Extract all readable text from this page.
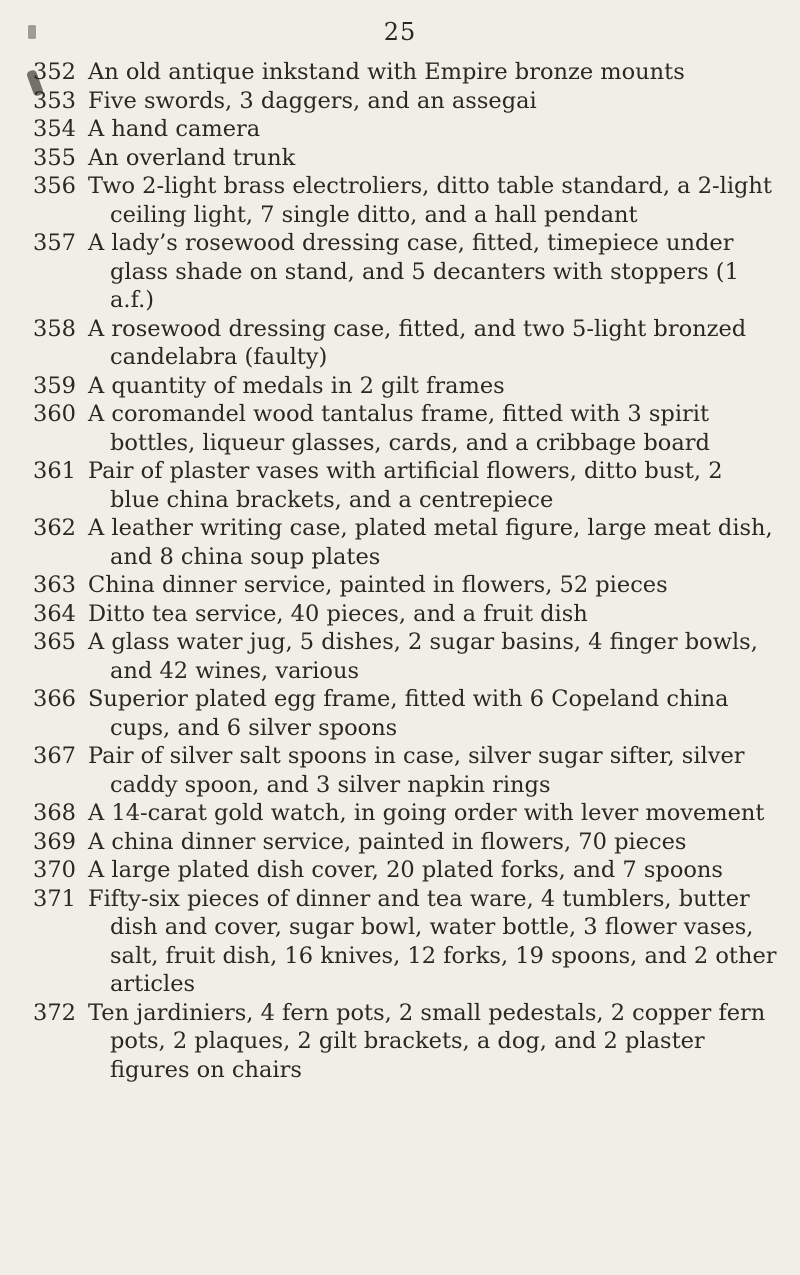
25
352 An old antique inkstand with Empire bronze mounts
353 Five swords, 3 daggers, and an assegai
354 A hand camera
355 An overland trunk
356 Two 2-light brass electroliers, ditto table standard, a 2-light ceiling light, 7 single ditto, and a hall pendant
357 A lady’s rosewood dressing case, fitted, timepiece under glass shade on stand, and 5 decanters with stoppers (1 a.f.)
358 A rosewood dressing case, fitted, and two 5-light bronzed candelabra (faulty)
359 A quantity of medals in 2 gilt frames
360 A coromandel wood tantalus frame, fitted with 3 spirit bottles, liqueur glasses, cards, and a cribbage board
361 Pair of plaster vases with artificial flowers, ditto bust, 2 blue china brackets, and a centrepiece
362 A leather writing case, plated metal figure, large meat dish, and 8 china soup plates
363 China dinner service, painted in flowers, 52 pieces
364 Ditto tea service, 40 pieces, and a fruit dish
365 A glass water jug, 5 dishes, 2 sugar basins, 4 finger bowls, and 42 wines, various
366 Superior plated egg frame, fitted with 6 Copeland china cups, and 6 silver spoons
367 Pair of silver salt spoons in case, silver sugar sifter, silver caddy spoon, and 3 silver napkin rings
368 A 14-carat gold watch, in going order with lever movement
369 A china dinner service, painted in flowers, 70 pieces
370 A large plated dish cover, 20 plated forks, and 7 spoons
371 Fifty-six pieces of dinner and tea ware, 4 tumblers, butter dish and cover, sugar bowl, water bottle, 3 flower vases, salt, fruit dish, 16 knives, 12 forks, 19 spoons, and 2 other articles
372 Ten jardiniers, 4 fern pots, 2 small pedestals, 2 copper fern pots, 2 plaques, 2 gilt brackets, a dog, and 2 plaster figures on chairs
